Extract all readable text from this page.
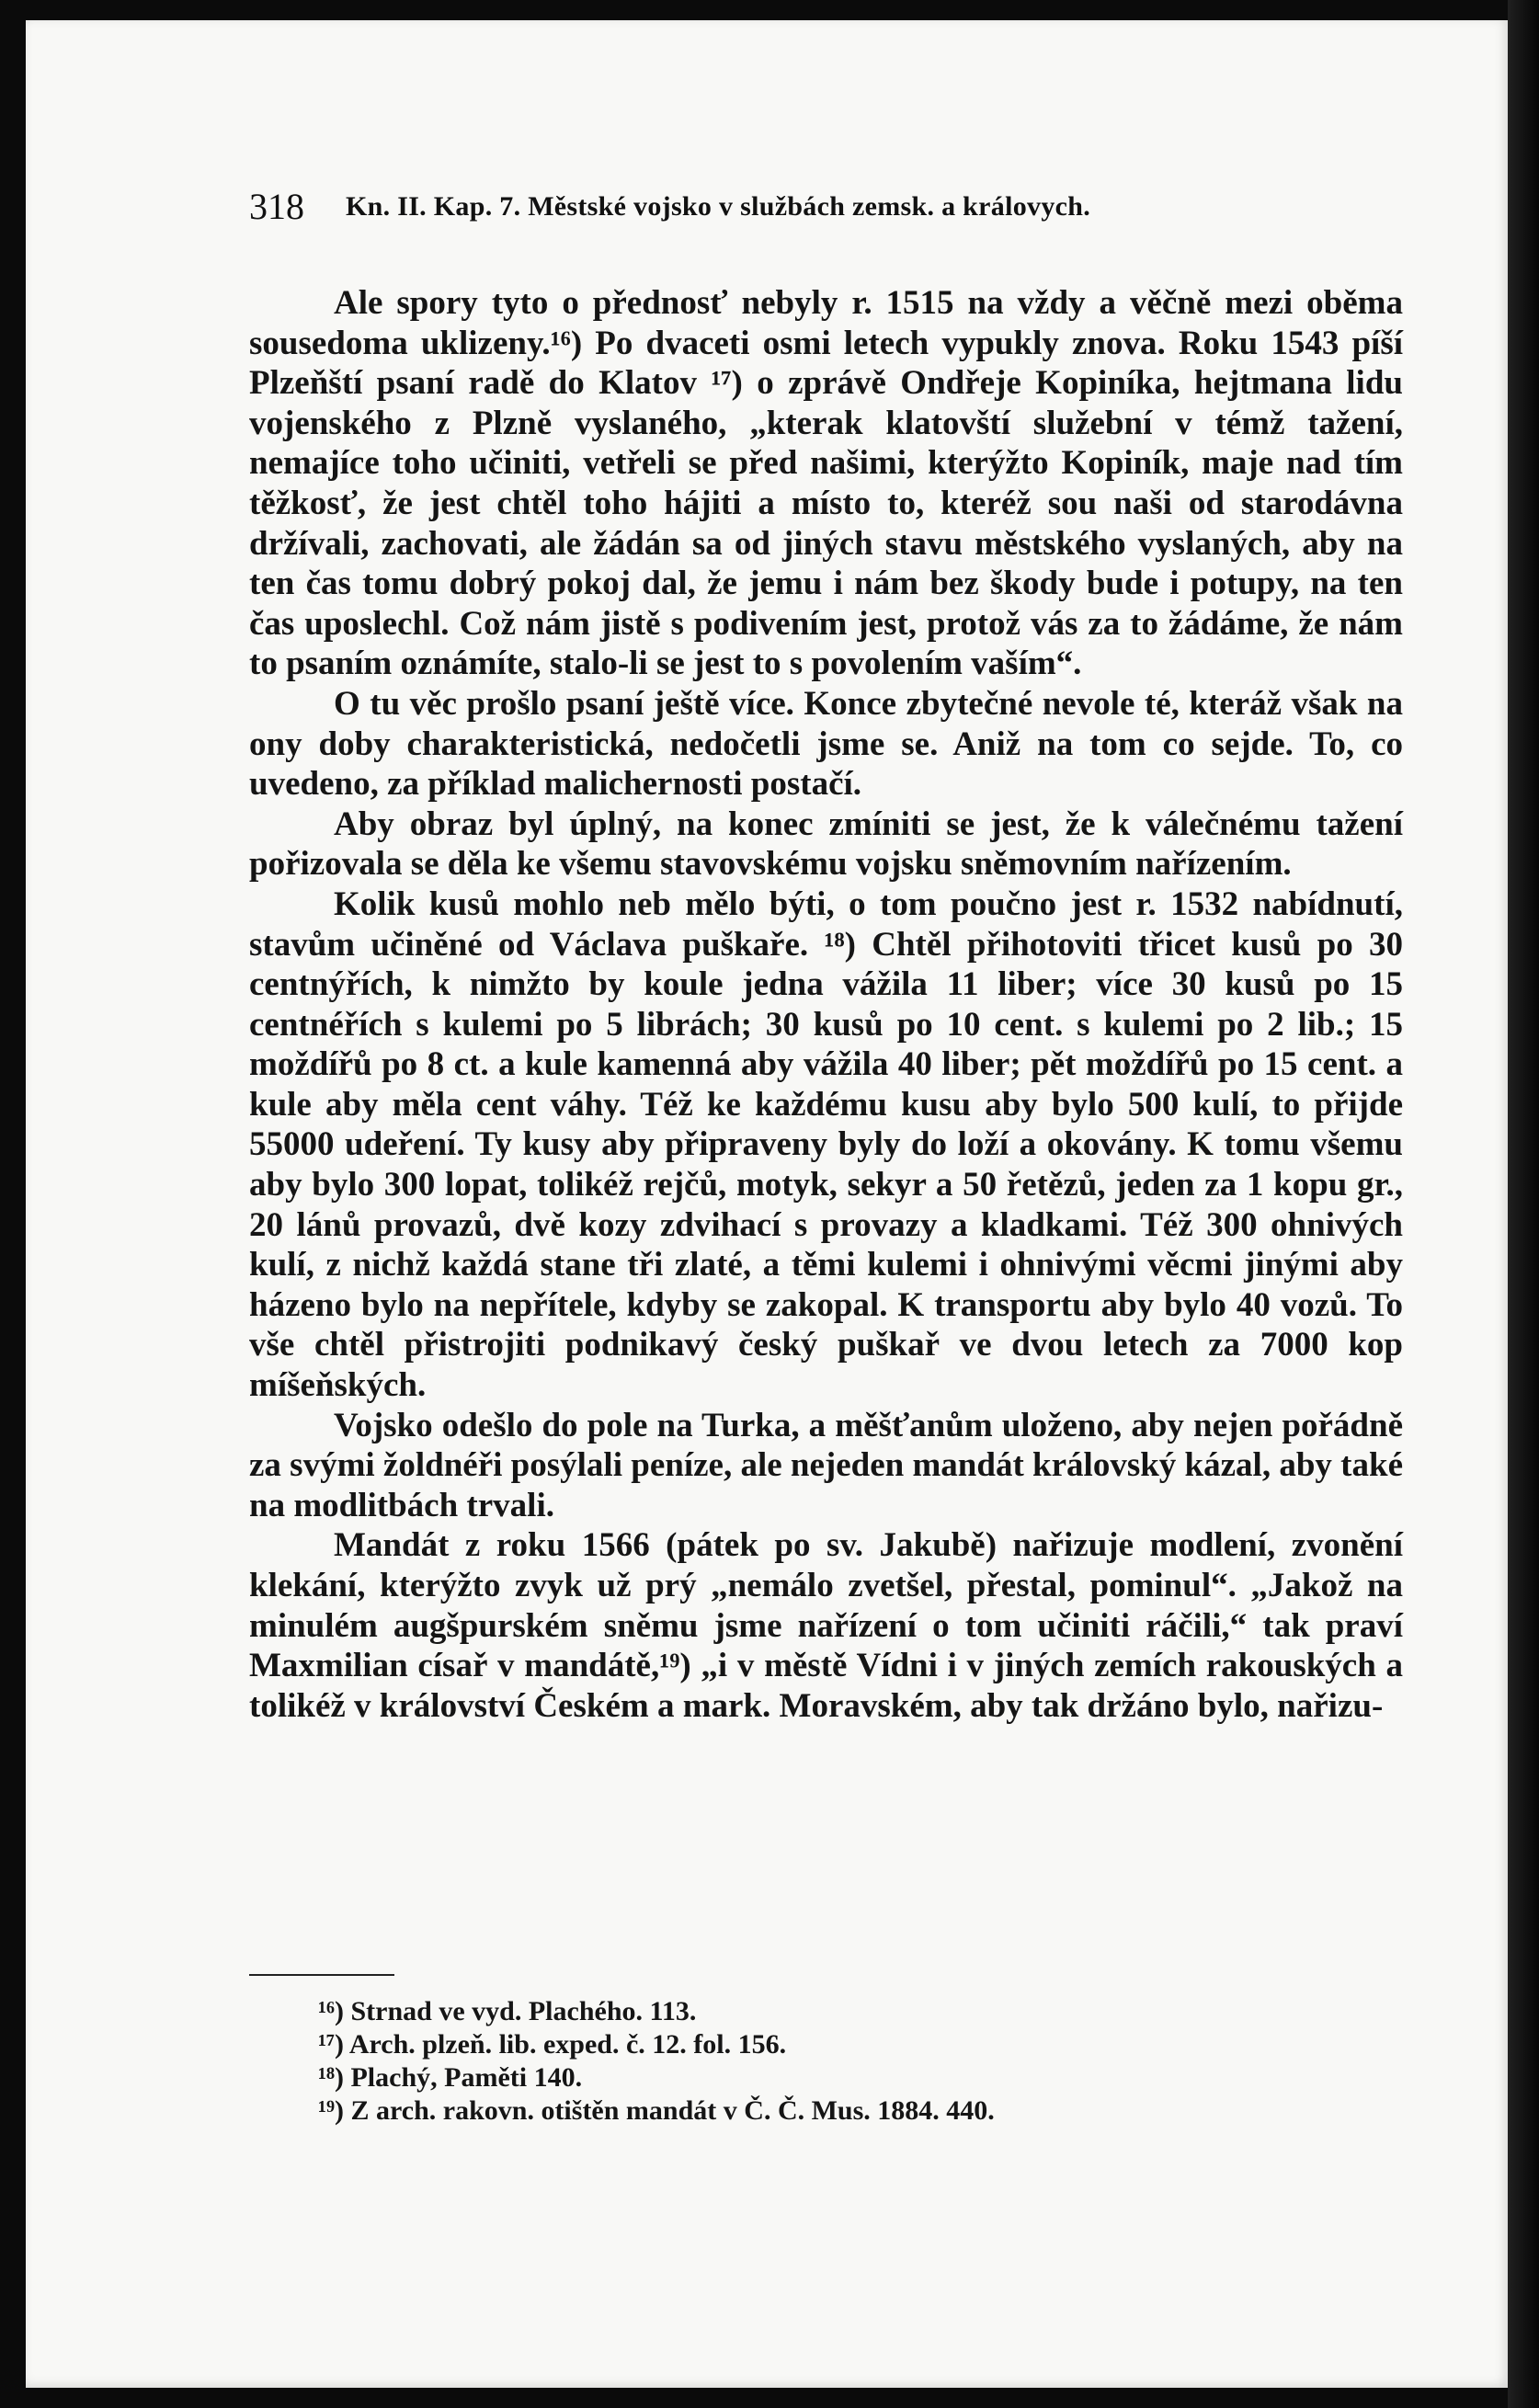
318 Kn. II. Kap. 7. Městské vojsko v službách zemsk. a královych.

Ale spory tyto o přednosť nebyly r. 1515 na vždy a věčně mezi oběma sousedoma uklizeny.¹⁶) Po dvaceti osmi letech vypukly znova. Roku 1543 píší Plzeňští psaní radě do Klatov ¹⁷) o zprávě Ondřeje Kopiníka, hejtmana lidu vojenského z Plzně vyslaného, „kterak klatovští služební v témž tažení, nemajíce toho učiniti, vetřeli se před našimi, kterýžto Kopiník, maje nad tím těžkosť, že jest chtěl toho hájiti a místo to, kteréž sou naši od starodávna držívali, zachovati, ale žádán sa od jiných stavu městského vyslaných, aby na ten čas tomu dobrý pokoj dal, že jemu i nám bez škody bude i potupy, na ten čas uposlechl. Což nám jistě s podivením jest, protož vás za to žádáme, že nám to psaním oznámíte, stalo-li se jest to s povolením vaším“.

O tu věc prošlo psaní ještě více. Konce zbytečné nevole té, kteráž však na ony doby charakteristická, nedočetli jsme se. Aniž na tom co sejde. To, co uvedeno, za příklad malichernosti postačí.

Aby obraz byl úplný, na konec zmíniti se jest, že k válečnému tažení pořizovala se děla ke všemu stavovskému vojsku sněmovním nařízením.

Kolik kusů mohlo neb mělo býti, o tom poučno jest r. 1532 nabídnutí, stavům učiněné od Václava puškaře. ¹⁸) Chtěl přihotoviti třicet kusů po 30 centnýřích, k nimžto by koule jedna vážila 11 liber; více 30 kusů po 15 centnéřích s kulemi po 5 librách; 30 kusů po 10 cent. s kulemi po 2 lib.; 15 moždířů po 8 ct. a kule kamenná aby vážila 40 liber; pět moždířů po 15 cent. a kule aby měla cent váhy. Též ke každému kusu aby bylo 500 kulí, to přijde 55000 udeření. Ty kusy aby připraveny byly do loží a okovány. K tomu všemu aby bylo 300 lopat, tolikéž rejčů, motyk, sekyr a 50 řetězů, jeden za 1 kopu gr., 20 lánů provazů, dvě kozy zdvihací s provazy a kladkami. Též 300 ohnivých kulí, z nichž každá stane tři zlaté, a těmi kulemi i ohnivými věcmi jinými aby házeno bylo na nepřítele, kdyby se zakopal. K transportu aby bylo 40 vozů. To vše chtěl přistrojiti podnikavý český puškař ve dvou letech za 7000 kop míšeňských.

Vojsko odešlo do pole na Turka, a měšťanům uloženo, aby nejen pořádně za svými žoldnéři posýlali peníze, ale nejeden mandát královský kázal, aby také na modlitbách trvali.

Mandát z roku 1566 (pátek po sv. Jakubě) nařizuje modlení, zvonění klekání, kterýžto zvyk už prý „nemálo zvetšel, přestal, pominul“. „Jakož na minulém augšpurském sněmu jsme nařízení o tom učiniti ráčili,“ tak praví Maxmilian císař v mandátě,¹⁹) „i v městě Vídni i v jiných zemích rakouských a tolikéž v království Českém a mark. Moravském, aby tak držáno bylo, nařizu-

¹⁶) Strnad ve vyd. Plachého. 113.

¹⁷) Arch. plzeň. lib. exped. č. 12. fol. 156.

¹⁸) Plachý, Paměti 140.

¹⁹) Z arch. rakovn. otištěn mandát v Č. Č. Mus. 1884. 440.
